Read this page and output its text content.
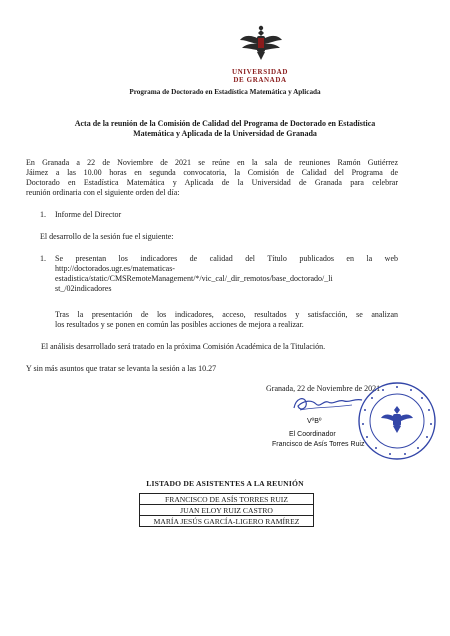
UNIVERSIDAD
DE GRANADA
Programa de Doctorado en Estadística Matemática y Aplicada
Acta de la reunión de la Comisión de Calidad del Programa de Doctorado en Estadística
Matemática y Aplicada de la Universidad de Granada
En Granada a 22 de Noviembre de 2021 se reúne en la sala de reuniones Ramón Gutiérrez
Jáimez a las 10.00 horas en segunda convocatoria, la Comisión de Calidad del Programa de
Doctorado en Estadística Matemática y Aplicada de la Universidad de Granada para celebrar
reunión ordinaria con el siguiente orden del día:
1. Informe del Director
El desarrollo de la sesión fue el siguiente:
1. Se presentan los indicadores de calidad del Título publicados en la web
http://doctorados.ugr.es/matematicas-
estadistica/static/CMSRemoteManagement/*/vic_cal/_dir_remotos/base_doctorado/_li
st_/02indicadores
Tras la presentación de los indicadores, acceso, resultados y satisfacción, se analizan
los resultados y se ponen en común las posibles acciones de mejora a realizar.
El análisis desarrollado será tratado en la próxima Comisión Académica de la Titulación.
Y sin más asuntos que tratar se levanta la sesión a las 10.27
Granada, 22 de Noviembre de 2021
VºBº
El Coordinador
Francisco de Asís Torres Ruiz
LISTADO DE ASISTENTES A LA REUNIÓN
FRANCISCO DE ASÍS TORRES RUIZ
JUAN ELOY RUIZ CASTRO
MARÍA JESÚS GARCÍA-LIGERO RAMÍREZ
